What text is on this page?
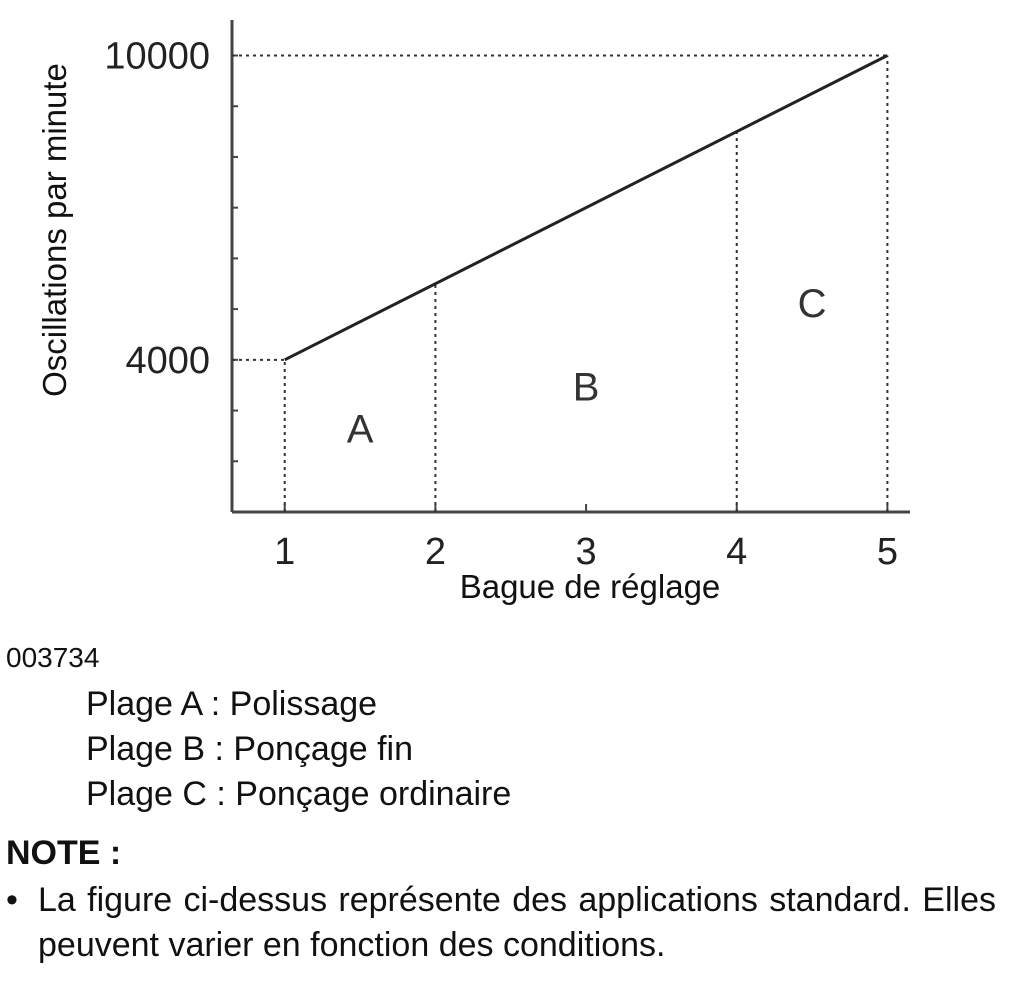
1	2	3	4	5
4000
10000
A
B
C
Bague de réglage
Oscillations par minute
003734
Plage A : Polissage
Plage B : Ponçage fin
Plage C : Ponçage ordinaire
NOTE :
• La figure ci-dessus représente des applications standard. Elles peuvent varier en fonction des conditions.
